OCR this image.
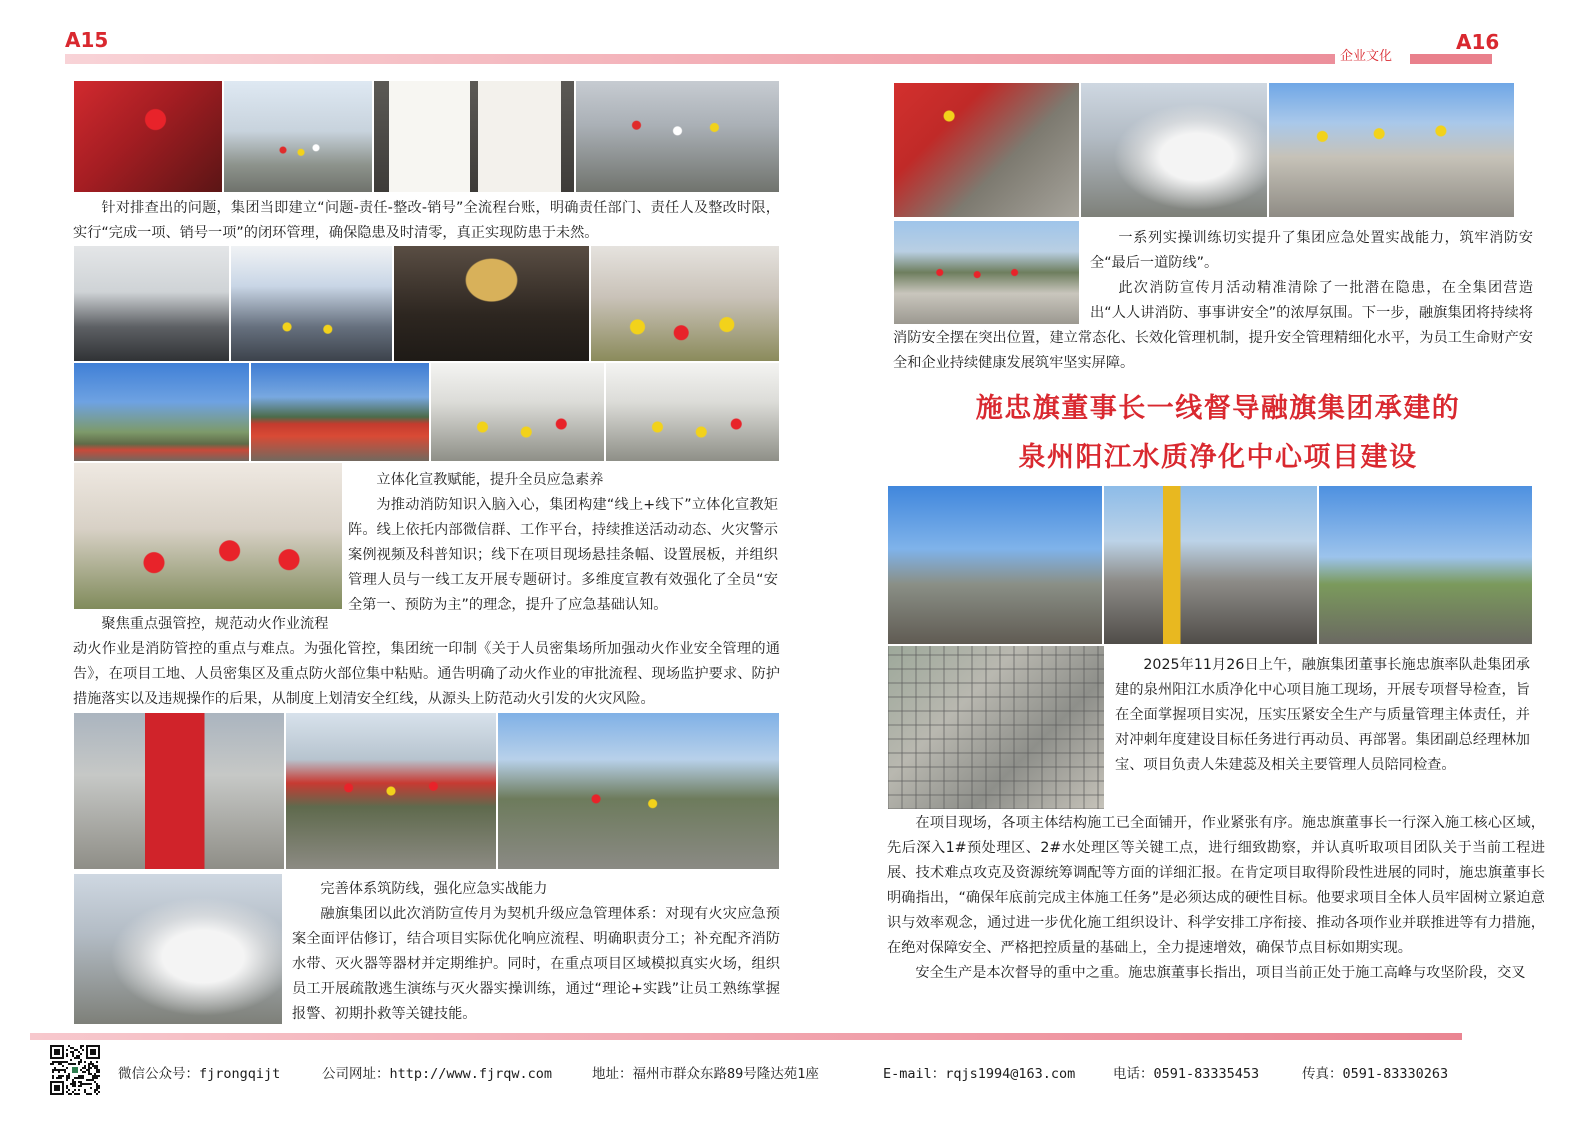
A15
企业文化
A16
针对排查出的问题，集团当即建立“问题-责任-整改-销号”全流程台账，明确责任部门、责任人及整改时限，实行“完成一项、销号一项”的闭环管理，确保隐患及时清零，真正实现防患于未然。

立体化宣教赋能，提升全员应急素养

为推动消防知识入脑入心，集团构建“线上+线下”立体化宣教矩阵。线上依托内部微信群、工作平台，持续推送活动动态、火灾警示案例视频及科普知识；线下在项目现场悬挂条幅、设置展板，并组织管理人员与一线工友开展专题研讨。多维度宣教有效强化了全员“安全第一、预防为主”的理念，提升了应急基础认知。

聚焦重点强管控，规范动火作业流程
动火作业是消防管控的重点与难点。为强化管控，集团统一印制《关于人员密集场所加强动火作业安全管理的通告》，在项目工地、人员密集区及重点防火部位集中粘贴。通告明确了动火作业的审批流程、现场监护要求、防护措施落实以及违规操作的后果，从制度上划清安全红线，从源头上防范动火引发的火灾风险。

完善体系筑防线，强化应急实战能力

融旗集团以此次消防宣传月为契机升级应急管理体系：对现有火灾应急预案全面评估修订，结合项目实际优化响应流程、明确职责分工；补充配齐消防水带、灭火器等器材并定期维护。同时，在重点项目区域模拟真实火场，组织员工开展疏散逃生演练与灭火器实操训练，通过“理论+实践”让员工熟练掌握报警、初期扑救等关键技能。

一系列实操训练切实提升了集团应急处置实战能力，筑牢消防安全“最后一道防线”。

此次消防宣传月活动精准清除了一批潜在隐患，在全集团营造出“人人讲消防、事事讲安全”的浓厚氛围。下一步，融旗集团将持续将消防安全摆在突出位置，建立常态化、长效化管理机制，提升安全管理精细化水平，为员工生命财产安全和企业持续健康发展筑牢坚实屏障。

施忠旗董事长一线督导融旗集团承建的
泉州阳江水质净化中心项目建设
2025年11月26日上午，融旗集团董事长施忠旗率队赴集团承建的泉州阳江水质净化中心项目施工现场，开展专项督导检查，旨在全面掌握项目实况，压实压紧安全生产与质量管理主体责任，并对冲刺年度建设目标任务进行再动员、再部署。集团副总经理林加宝、项目负责人朱建蕊及相关主要管理人员陪同检查。

在项目现场，各项主体结构施工已全面铺开，作业紧张有序。施忠旗董事长一行深入施工核心区域，先后深入1#预处理区、2#水处理区等关键工点，进行细致勘察，并认真听取项目团队关于当前工程进展、技术难点攻克及资源统筹调配等方面的详细汇报。在肯定项目取得阶段性进展的同时，施忠旗董事长明确指出，“确保年底前完成主体施工任务”是必须达成的硬性目标。他要求项目全体人员牢固树立紧迫意识与效率观念，通过进一步优化施工组织设计、科学安排工序衔接、推动各项作业并联推进等有力措施，在绝对保障安全、严格把控质量的基础上，全力提速增效，确保节点目标如期实现。

安全生产是本次督导的重中之重。施忠旗董事长指出，项目当前正处于施工高峰与攻坚阶段，交叉

微信公众号：fjrongqijt	公司网址：http://www.fjrqw.com	地址：福州市群众东路89号隆达苑1座	E-mail：rqjs1994@163.com	电话：0591-83335453	传真：0591-83330263
